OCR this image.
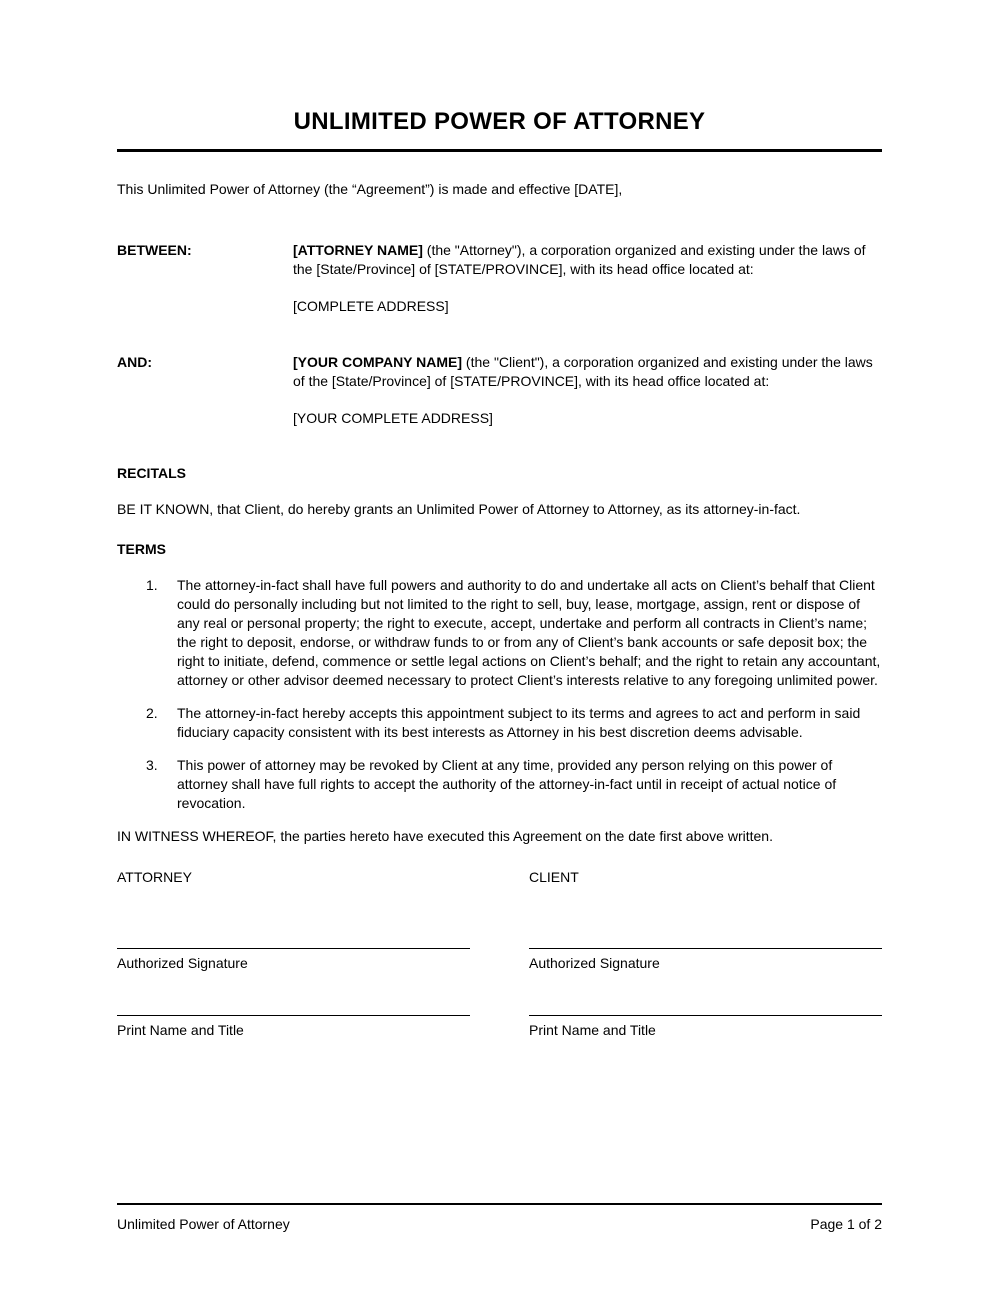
UNLIMITED POWER OF ATTORNEY

This Unlimited Power of Attorney (the “Agreement”) is made and effective [DATE],

BETWEEN:	[ATTORNEY NAME] (the "Attorney"), a corporation organized and existing under the laws of the [State/Province] of [STATE/PROVINCE], with its head office located at:

[COMPLETE ADDRESS]

AND:	[YOUR COMPANY NAME] (the "Client"), a corporation organized and existing under the laws of the [State/Province] of [STATE/PROVINCE], with its head office located at:

[YOUR COMPLETE ADDRESS]

RECITALS

BE IT KNOWN, that Client, do hereby grants an Unlimited Power of Attorney to Attorney, as its attorney-in-fact.

TERMS
1.	The attorney-in-fact shall have full powers and authority to do and undertake all acts on Client’s behalf that Client could do personally including but not limited to the right to sell, buy, lease, mortgage, assign, rent or dispose of any real or personal property; the right to execute, accept, undertake and perform all contracts in Client’s name; the right to deposit, endorse, or withdraw funds to or from any of Client’s bank accounts or safe deposit box; the right to initiate, defend, commence or settle legal actions on Client’s behalf; and the right to retain any accountant, attorney or other advisor deemed necessary to protect Client’s interests relative to any foregoing unlimited power.
2.	The attorney-in-fact hereby accepts this appointment subject to its terms and agrees to act and perform in said fiduciary capacity consistent with its best interests as Attorney in his best discretion deems advisable.
3.	This power of attorney may be revoked by Client at any time, provided any person relying on this power of attorney shall have full rights to accept the authority of the attorney-in-fact until in receipt of actual notice of revocation.

IN WITNESS WHEREOF, the parties hereto have executed this Agreement on the date first above written.

ATTORNEY
Authorized Signature
Print Name and Title
CLIENT
Authorized Signature
Print Name and Title
Unlimited Power of Attorney	Page 1 of 2
